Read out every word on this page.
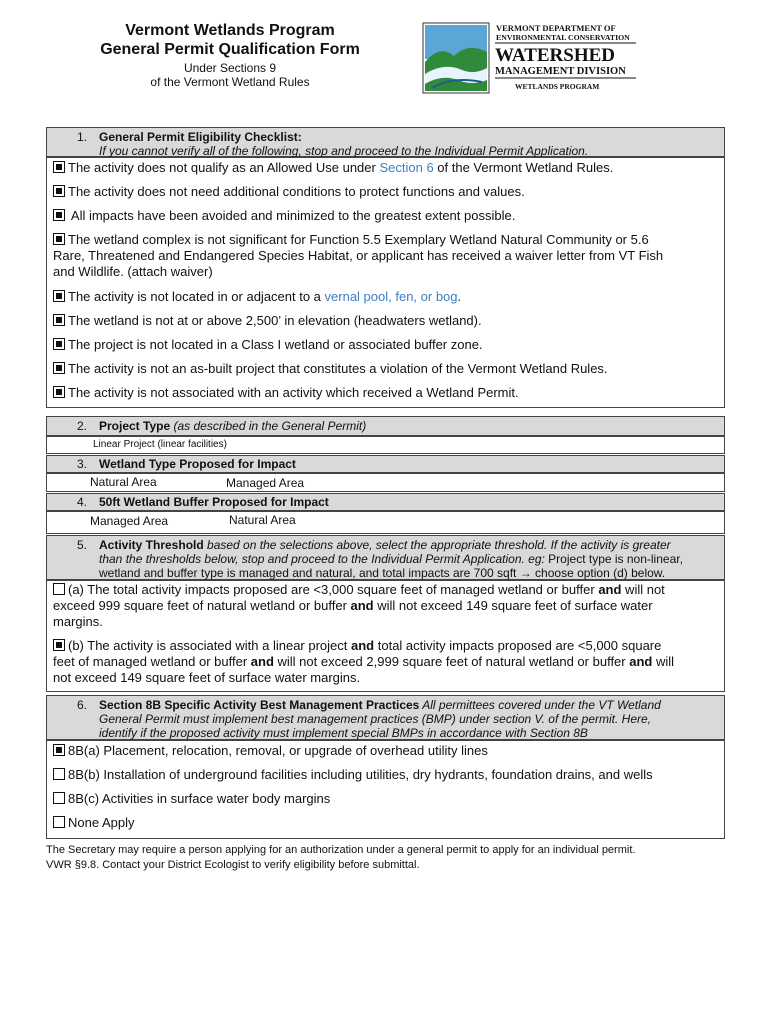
Vermont Wetlands Program
General Permit Qualification Form
Under Sections 9
of the Vermont Wetland Rules
VERMONT DEPARTMENT OF
ENVIRONMENTAL CONSERVATION
WATERSHED
MANAGEMENT DIVISION
WETLANDS PROGRAM
1. General Permit Eligibility Checklist:
If you cannot verify all of the following, stop and proceed to the Individual Permit Application.
The activity does not qualify as an Allowed Use under Section 6 of the Vermont Wetland Rules.
The activity does not need additional conditions to protect functions and values.
All impacts have been avoided and minimized to the greatest extent possible.
The wetland complex is not significant for Function 5.5 Exemplary Wetland Natural Community or 5.6
Rare, Threatened and Endangered Species Habitat, or applicant has received a waiver letter from VT Fish
and Wildlife. (attach waiver)
The activity is not located in or adjacent to a vernal pool, fen, or bog.
The wetland is not at or above 2,500’ in elevation (headwaters wetland).
The project is not located in a Class I wetland or associated buffer zone.
The activity is not an as-built project that constitutes a violation of the Vermont Wetland Rules.
The activity is not associated with an activity which received a Wetland Permit.
2. Project Type (as described in the General Permit)
Linear Project (linear facilities)
3. Wetland Type Proposed for Impact
Natural Area	Managed Area
4. 50ft Wetland Buffer Proposed for Impact
Managed Area	Natural Area
5. Activity Threshold based on the selections above, select the appropriate threshold. If the activity is greater
than the thresholds below, stop and proceed to the Individual Permit Application. eg: Project type is non-linear,
wetland and buffer type is managed and natural, and total impacts are 700 sqft → choose option (d) below.
(a) The total activity impacts proposed are <3,000 square feet of managed wetland or buffer and will not
exceed 999 square feet of natural wetland or buffer and will not exceed 149 square feet of surface water
margins.
(b) The activity is associated with a linear project and total activity impacts proposed are <5,000 square
feet of managed wetland or buffer and will not exceed 2,999 square feet of natural wetland or buffer and will
not exceed 149 square feet of surface water margins.
6. Section 8B Specific Activity Best Management Practices All permittees covered under the VT Wetland
General Permit must implement best management practices (BMP) under section V. of the permit. Here,
identify if the proposed activity must implement special BMPs in accordance with Section 8B
8B(a) Placement, relocation, removal, or upgrade of overhead utility lines
8B(b) Installation of underground facilities including utilities, dry hydrants, foundation drains, and wells
8B(c) Activities in surface water body margins
None Apply
The Secretary may require a person applying for an authorization under a general permit to apply for an individual permit.
VWR §9.8. Contact your District Ecologist to verify eligibility before submittal.
